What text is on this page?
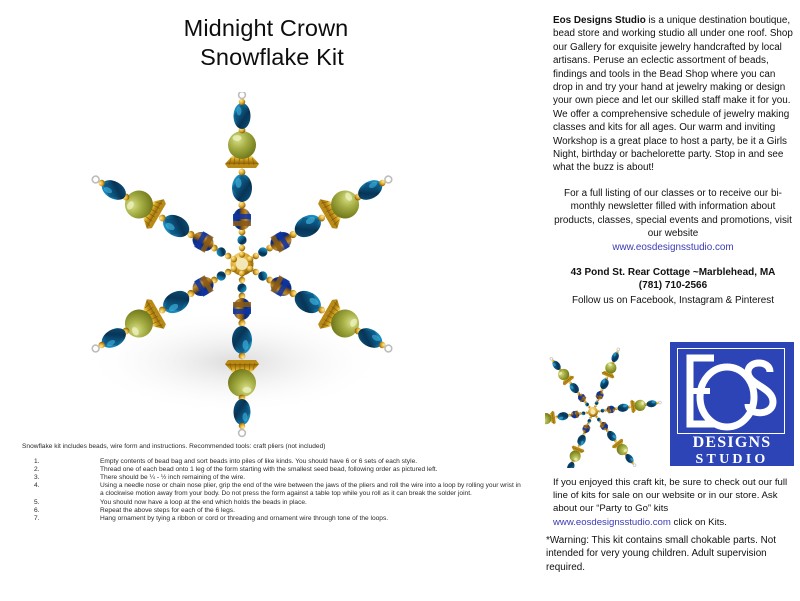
Midnight Crown
Snowflake Kit
Snowflake kit includes beads, wire form and instructions. Recommended tools: craft pliers (not included)
1.	Empty contents of bead bag and sort beads into piles of like kinds. You should have 6 or 6 sets of each style.
2.	Thread one of each bead onto 1 leg of the form starting with the smallest seed bead, following order as pictured left.
3.	There should be ¼ - ½ inch remaining of the wire.
4.	Using a needle nose or chain nose plier, grip the end of the wire between the jaws of the pliers and roll the wire into a loop by rolling your wrist in a clockwise motion away from your body. Do not press the form against a table top while you roll as it can break the solder joint.
5.	You should now have a loop at the end which holds the beads in place.
6.	Repeat the above steps for each of the 6 legs.
7.	Hang ornament by tying a ribbon or cord or threading and ornament wire through tone of the loops.
Eos Designs Studio is a unique destination boutique, bead store and working studio all under one roof. Shop our Gallery for exquisite jewelry handcrafted by local artisans. Peruse an eclectic assortment of beads, findings and tools in the Bead Shop where you can drop in and try your hand at jewelry making or design your own piece and let our skilled staff make it for you. We offer a comprehensive schedule of jewelry making classes and kits for all ages. Our warm and inviting Workshop is a great place to host a party, be it a Girls Night, birthday or bachelorette party. Stop in and see what the buzz is about!
For a full listing of our classes or to receive our bi-monthly newsletter filled with information about products, classes, special events and promotions, visit our website
www.eosdesignsstudio.com
43 Pond St. Rear Cottage ~Marblehead, MA
(781) 710-2566
Follow us on Facebook, Instagram & Pinterest
DESIGNS
STUDIO
If you enjoyed this craft kit, be sure to check out our full line of kits for sale on our website or in our store. Ask about our “Party to Go” kits
www.eosdesignsstudio.com click on Kits.
*Warning: This kit contains small chokable parts. Not intended for very young children. Adult supervision required.
